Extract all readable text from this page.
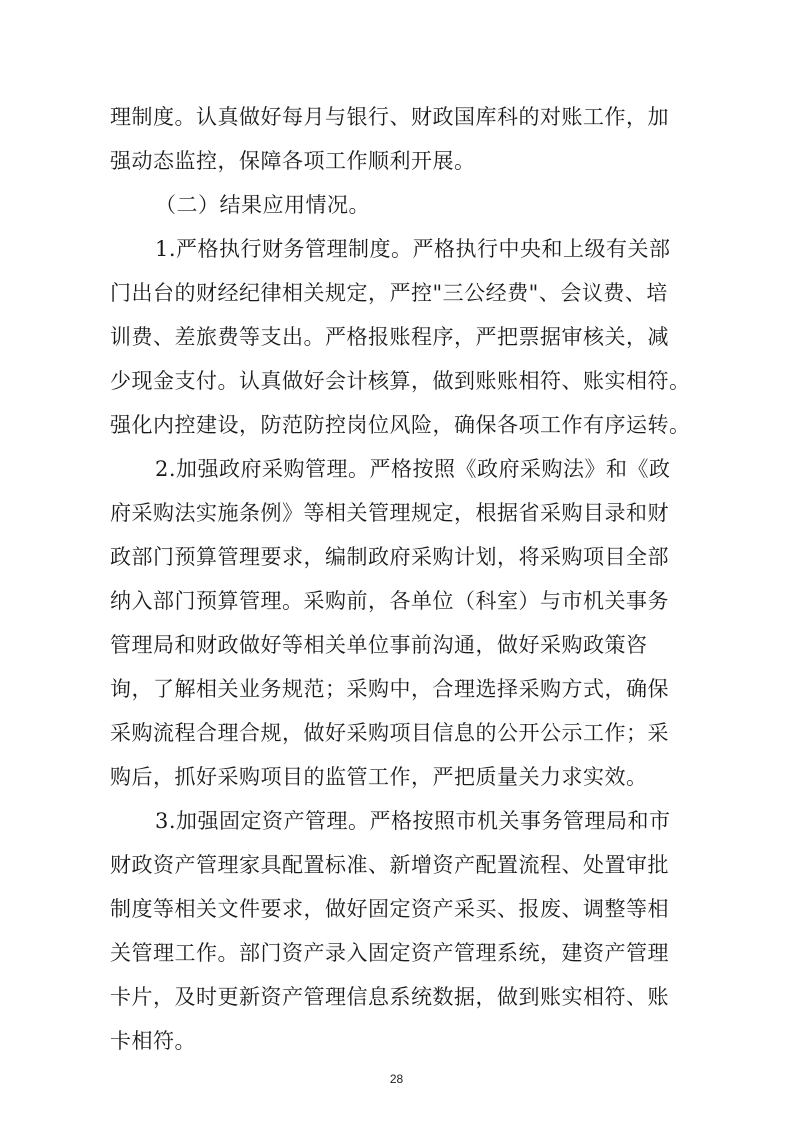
理制度。认真做好每月与银行、财政国库科的对账工作，加
强动态监控，保障各项工作顺利开展。
（二）结果应用情况。
1.严格执行财务管理制度。严格执行中央和上级有关部
门出台的财经纪律相关规定，严控"三公经费"、会议费、培
训费、差旅费等支出。严格报账程序，严把票据审核关，减
少现金支付。认真做好会计核算，做到账账相符、账实相符。
强化内控建设，防范防控岗位风险，确保各项工作有序运转。
2.加强政府采购管理。严格按照《政府采购法》和《政
府采购法实施条例》等相关管理规定，根据省采购目录和财
政部门预算管理要求，编制政府采购计划，将采购项目全部
纳入部门预算管理。采购前，各单位（科室）与市机关事务
管理局和财政做好等相关单位事前沟通，做好采购政策咨
询，了解相关业务规范；采购中，合理选择采购方式，确保
采购流程合理合规，做好采购项目信息的公开公示工作；采
购后，抓好采购项目的监管工作，严把质量关力求实效。
3.加强固定资产管理。严格按照市机关事务管理局和市
财政资产管理家具配置标准、新增资产配置流程、处置审批
制度等相关文件要求，做好固定资产采买、报废、调整等相
关管理工作。部门资产录入固定资产管理系统，建资产管理
卡片，及时更新资产管理信息系统数据，做到账实相符、账
卡相符。
28
